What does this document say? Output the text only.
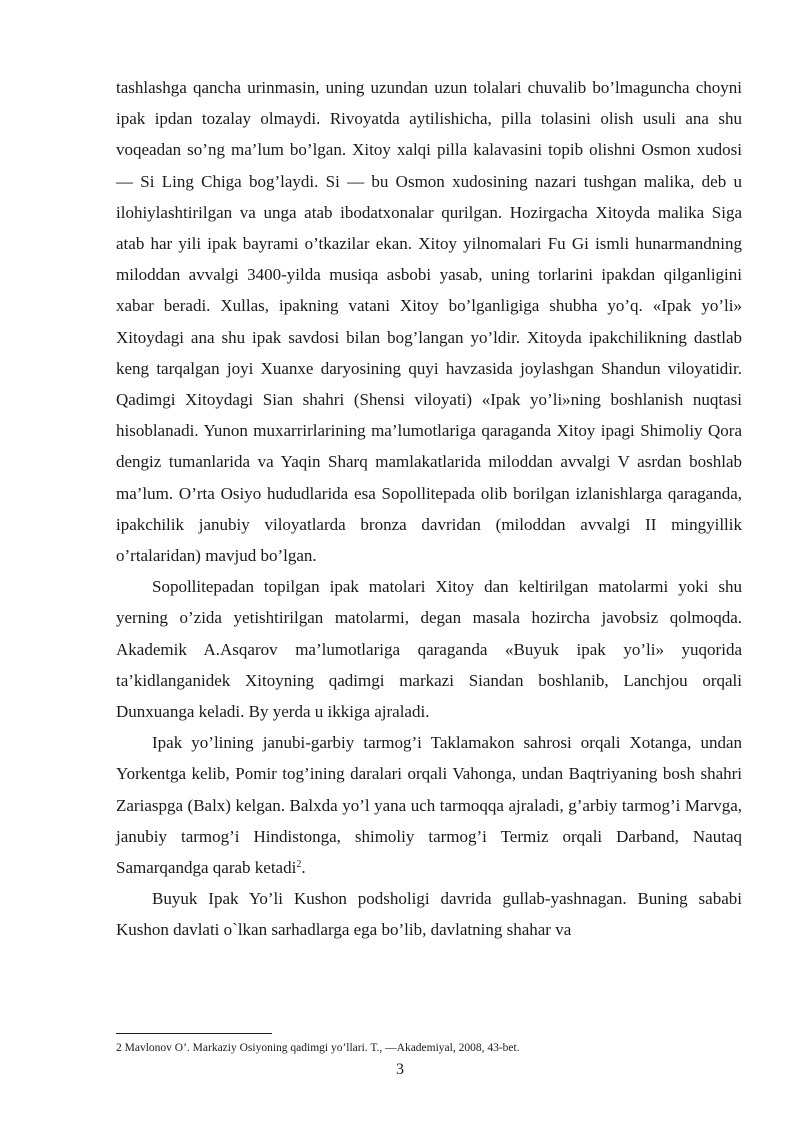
tashlashga qancha urinmasin, uning uzundan uzun tolalari chuvalib bo’lmaguncha choyni ipak ipdan tozalay olmaydi. Rivoyatda aytilishicha, pilla tolasini olish usuli ana shu voqeadan so’ng ma’lum bo’lgan. Xitoy xalqi pilla kalavasini topib olishni Osmon xudosi — Si Ling Chiga bog’laydi. Si — bu Osmon xudosining nazari tushgan malika, deb u ilohiylashtirilgan va unga atab ibodatxonalar qurilgan. Hozirgacha Xitoyda malika Siga atab har yili ipak bayrami o’tkazilar ekan. Xitoy yilnomalari Fu Gi ismli hunarmandning miloddan avvalgi 3400-yilda musiqa asbobi yasab, uning torlarini ipakdan qilganligini xabar beradi. Xullas, ipakning vatani Xitoy bo’lganligiga shubha yo’q. «Ipak yo’li» Xitoydagi ana shu ipak savdosi bilan bog’langan yo’ldir. Xitoyda ipakchilikning dastlab keng tarqalgan joyi Xuanxe daryosining quyi havzasida joylashgan Shandun viloyatidir. Qadimgi Xitoydagi Sian shahri (Shensi viloyati) «Ipak yo’li»ning boshlanish nuqtasi hisoblanadi. Yunon muxarrirlarining ma’lumotlariga qaraganda Xitoy ipagi Shimoliy Qora dengiz tumanlarida va Yaqin Sharq mamlakatlarida miloddan avvalgi V asrdan boshlab ma’lum. O’rta Osiyo hududlarida esa Sopollitepada olib borilgan izlanishlarga qaraganda, ipakchilik janubiy viloyatlarda bronza davridan (miloddan avvalgi II mingyillik o’rtalaridan) mavjud bo’lgan.

Sopollitepadan topilgan ipak matolari Xitoy dan keltirilgan matolarmi yoki shu yerning o’zida yetishtirilgan matolarmi, degan masala hozircha javobsiz qolmoqda. Akademik A.Asqarov ma’lumotlariga qaraganda «Buyuk ipak yo’li» yuqorida ta’kidlanganidek Xitoyning qadimgi markazi Siandan boshlanib, Lanchjou orqali Dunxuanga keladi. By yerda u ikkiga ajraladi.

Ipak yo’lining janubi-garbiy tarmog’i Taklamakon sahrosi orqali Xotanga, undan Yorkentga kelib, Pomir tog’ining daralari orqali Vahonga, undan Baqtriyaning bosh shahri Zariaspga (Balx) kelgan. Balxda yo’l yana uch tarmoqqa ajraladi, g’arbiy tarmog’i Marvga, janubiy tarmog’i Hindistonga, shimoliy tarmog’i Termiz orqali Darband, Nautaq Samarqandga qarab ketadi$^2$.

Buyuk Ipak Yo’li Kushon podsholigi davrida gullab-yashnagan. Buning sababi Kushon davlati o`lkan sarhadlarga ega bo’lib, davlatning shahar va

2 Mavlonov O’. Markaziy Osiyoning qadimgi yo’llari. T., —Akademiyal, 2008, 43-bet.
3
